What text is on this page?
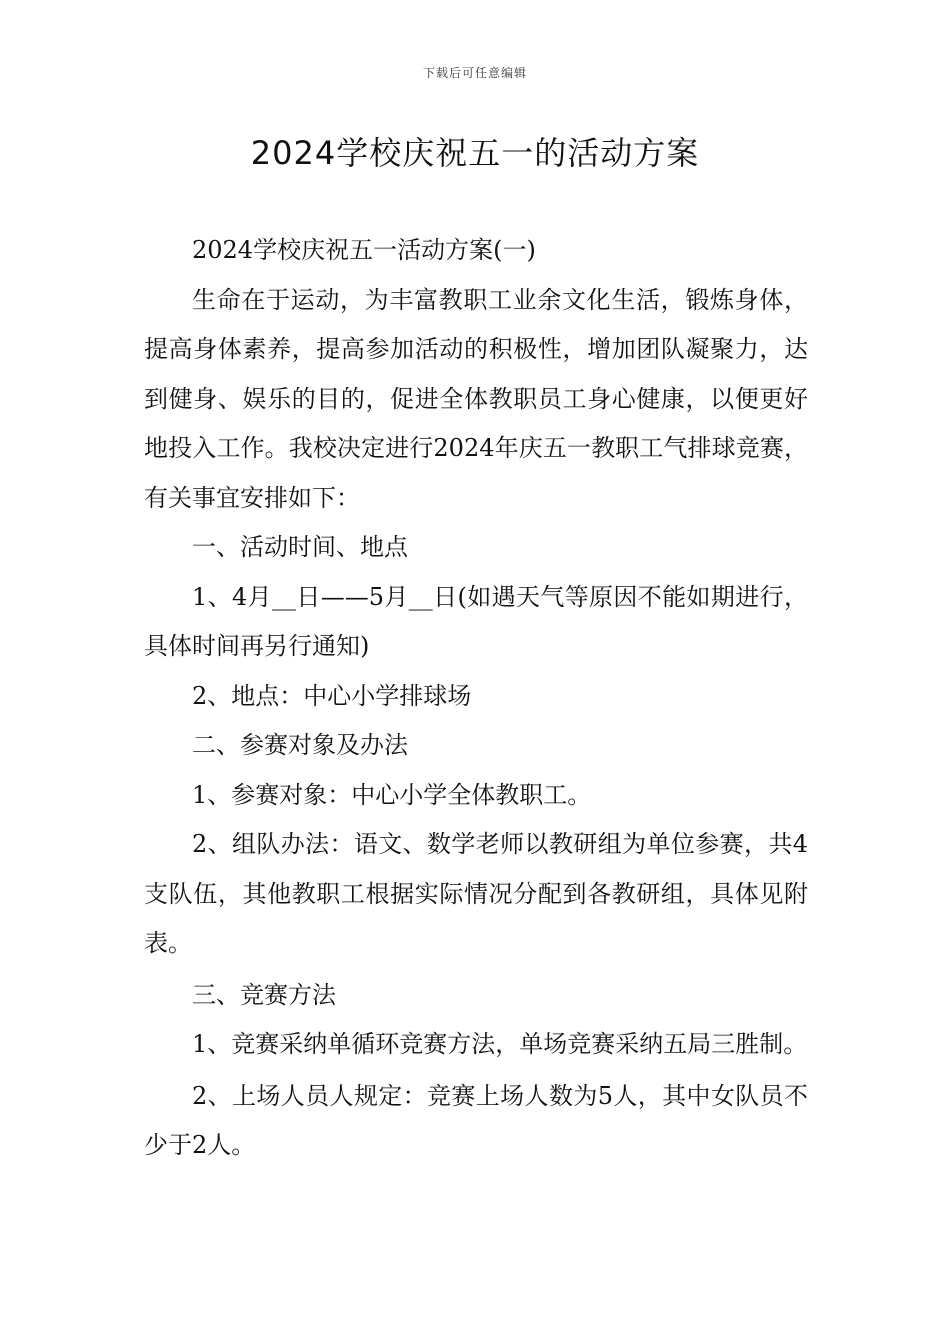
下载后可任意编辑
2024学校庆祝五一的活动方案

2024学校庆祝五一活动方案(一)

生命在于运动，为丰富教职工业余文化生活，锻炼身体，提高身体素养，提高参加活动的积极性，增加团队凝聚力，达到健身、娱乐的目的，促进全体教职员工身心健康，以便更好地投入工作。我校决定进行2024年庆五一教职工气排球竞赛，有关事宜安排如下：

一、活动时间、地点

1、4月__日——5月__日(如遇天气等原因不能如期进行，具体时间再另行通知)

2、地点：中心小学排球场

二、参赛对象及办法

1、参赛对象：中心小学全体教职工。

2、组队办法：语文、数学老师以教研组为单位参赛，共4支队伍，其他教职工根据实际情况分配到各教研组，具体见附表。

三、竞赛方法

1、竞赛采纳单循环竞赛方法，单场竞赛采纳五局三胜制。

2、上场人员人规定：竞赛上场人数为5人，其中女队员不少于2人。
